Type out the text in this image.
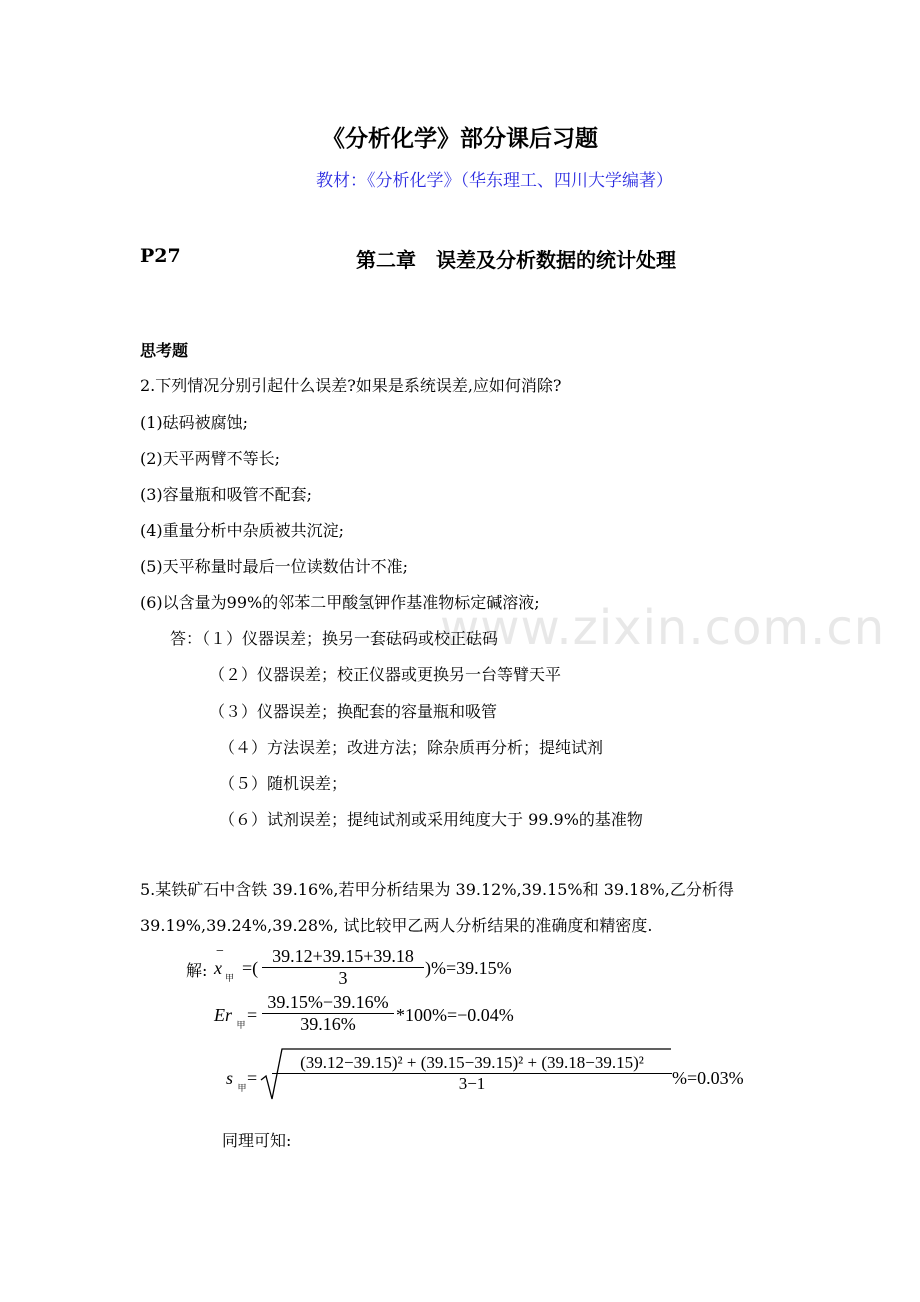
《分析化学》部分课后习题
教材：《分析化学》（华东理工、四川大学编著）
P27	第二章　误差及分析数据的统计处理
思考题
2.下列情况分别引起什么误差?如果是系统误差,应如何消除?
(1)砝码被腐蚀;
(2)天平两臂不等长;
(3)容量瓶和吸管不配套;
(4)重量分析中杂质被共沉淀;
(5)天平称量时最后一位读数估计不准;
(6)以含量为99%的邻苯二甲酸氢钾作基准物标定碱溶液;
www.zixin.com.cn
答：（１）仪器误差；换另一套砝码或校正砝码
（２）仪器误差；校正仪器或更换另一台等臂天平
（３）仪器误差；换配套的容量瓶和吸管
（４）方法误差；改进方法；除杂质再分析；提纯试剂
（５）随机误差；
（６）试剂误差；提纯试剂或采用纯度大于 99.9%的基准物
5.某铁矿石中含铁 39.16%,若甲分析结果为 39.12%,39.15%和 39.18%,乙分析得
39.19%,39.24%,39.28%, 试比较甲乙两人分析结果的准确度和精密度.
解:
−
x 甲 =(
39.12+39.15+39.18
3	)%=39.15%
Er $_甲$ =
39.15%−39.16%
39.16%	*100%=−0.04%
s $_甲$ =
(39.12−39.15)² + (39.15−39.15)² + (39.18−39.15)²
3−1	%=0.03%
同理可知:
